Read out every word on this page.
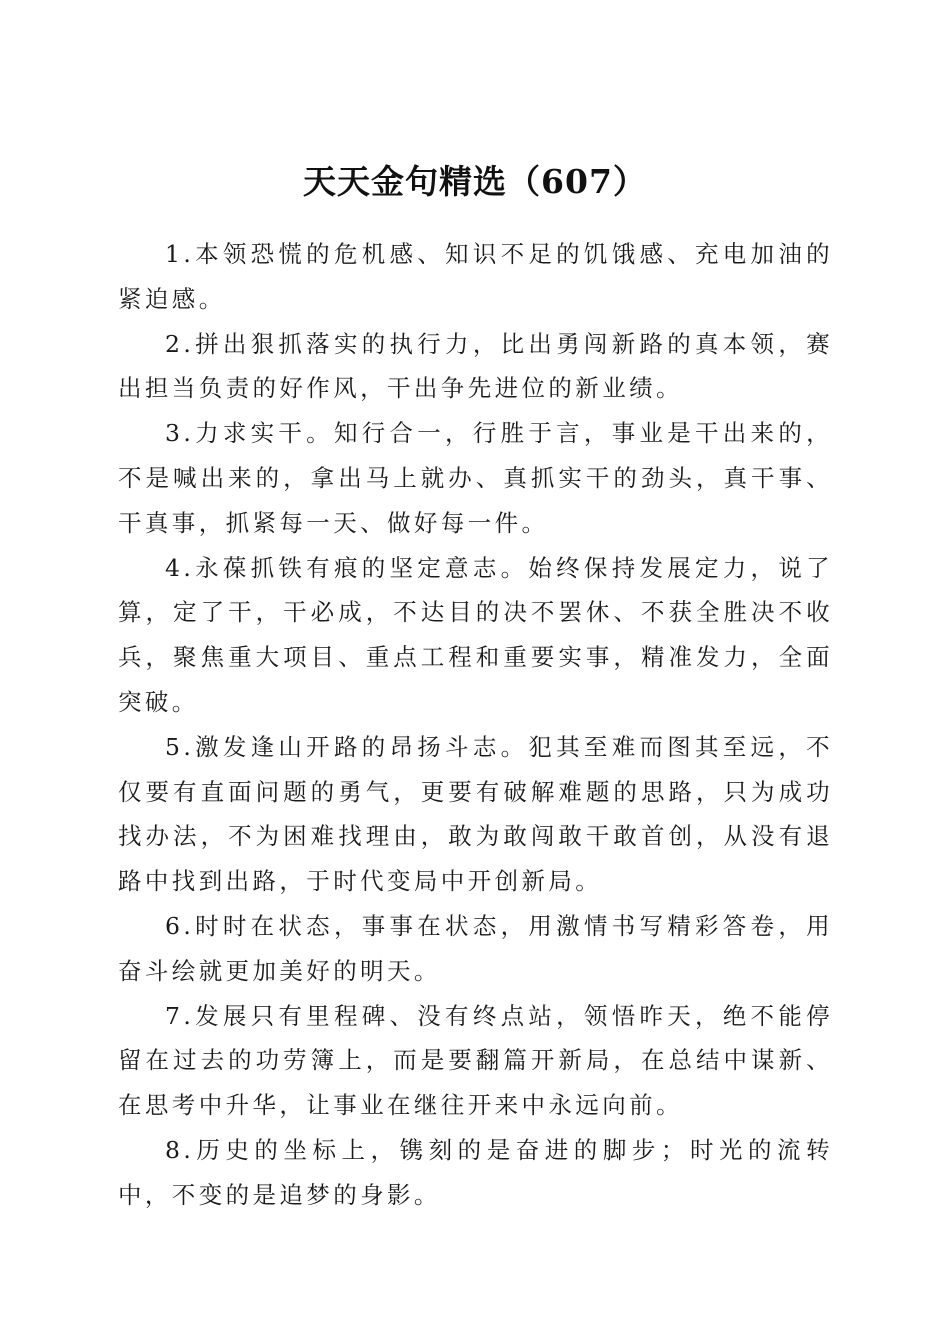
天天金句精选（607）

1.本领恐慌的危机感、知识不足的饥饿感、充电加油的紧迫感。

2.拼出狠抓落实的执行力，比出勇闯新路的真本领，赛出担当负责的好作风，干出争先进位的新业绩。

3.力求实干。知行合一，行胜于言，事业是干出来的，不是喊出来的，拿出马上就办、真抓实干的劲头，真干事、干真事，抓紧每一天、做好每一件。

4.永葆抓铁有痕的坚定意志。始终保持发展定力，说了算，定了干，干必成，不达目的决不罢休、不获全胜决不收兵，聚焦重大项目、重点工程和重要实事，精准发力，全面突破。

5.激发逢山开路的昂扬斗志。犯其至难而图其至远，不仅要有直面问题的勇气，更要有破解难题的思路，只为成功找办法，不为困难找理由，敢为敢闯敢干敢首创，从没有退路中找到出路，于时代变局中开创新局。

6.时时在状态，事事在状态，用激情书写精彩答卷，用奋斗绘就更加美好的明天。

7.发展只有里程碑、没有终点站，领悟昨天，绝不能停留在过去的功劳簿上，而是要翻篇开新局，在总结中谋新、在思考中升华，让事业在继往开来中永远向前。

8.历史的坐标上，镌刻的是奋进的脚步；时光的流转中，不变的是追梦的身影。
